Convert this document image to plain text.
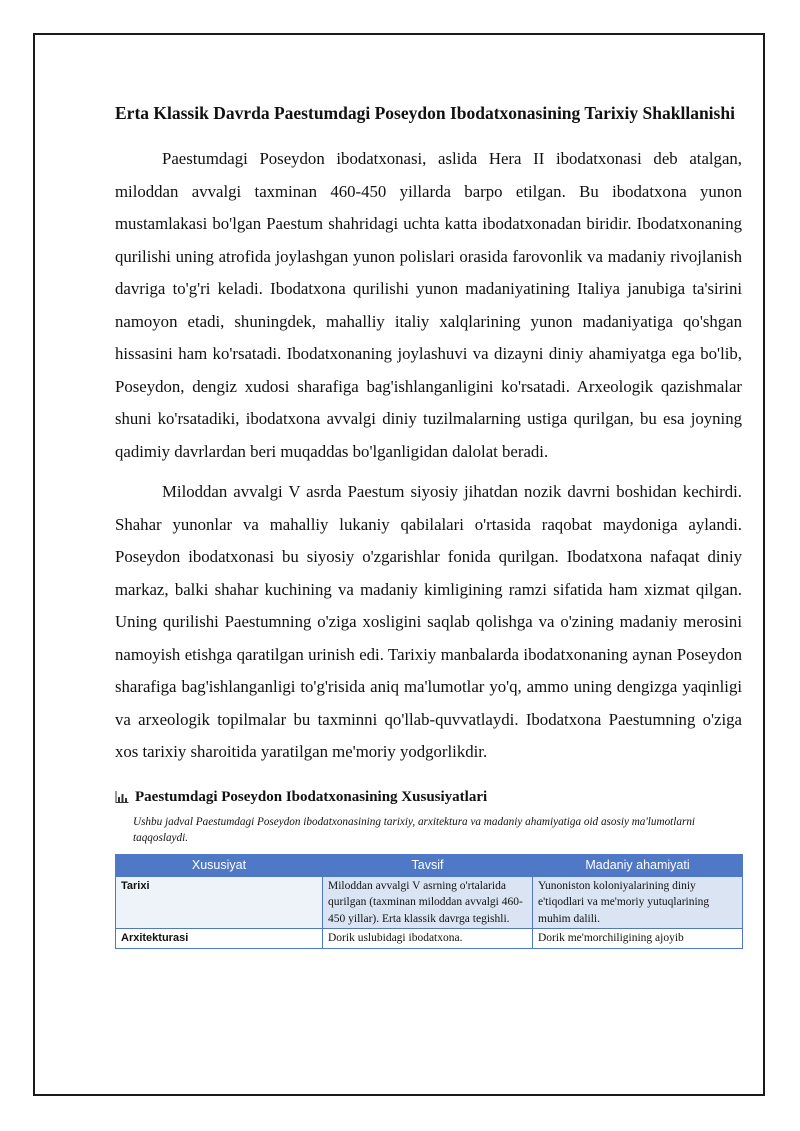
Erta Klassik Davrda Paestumdagi Poseydon Ibodatxonasining Tarixiy Shakllanishi

Paestumdagi Poseydon ibodatxonasi, aslida Hera II ibodatxonasi deb atalgan, miloddan avvalgi taxminan 460-450 yillarda barpo etilgan. Bu ibodatxona yunon mustamlakasi bo'lgan Paestum shahridagi uchta katta ibodatxonadan biridir. Ibodatxonaning qurilishi uning atrofida joylashgan yunon polislari orasida farovonlik va madaniy rivojlanish davriga to'g'ri keladi. Ibodatxona qurilishi yunon madaniyatining Italiya janubiga ta'sirini namoyon etadi, shuningdek, mahalliy italiy xalqlarining yunon madaniyatiga qo'shgan hissasini ham ko'rsatadi. Ibodatxonaning joylashuvi va dizayni diniy ahamiyatga ega bo'lib, Poseydon, dengiz xudosi sharafiga bag'ishlanganligini ko'rsatadi. Arxeologik qazishmalar shuni ko'rsatadiki, ibodatxona avvalgi diniy tuzilmalarning ustiga qurilgan, bu esa joyning qadimiy davrlardan beri muqaddas bo'lganligidan dalolat beradi.

Miloddan avvalgi V asrda Paestum siyosiy jihatdan nozik davrni boshidan kechirdi. Shahar yunonlar va mahalliy lukaniy qabilalari o'rtasida raqobat maydoniga aylandi. Poseydon ibodatxonasi bu siyosiy o'zgarishlar fonida qurilgan. Ibodatxona nafaqat diniy markaz, balki shahar kuchining va madaniy kimligining ramzi sifatida ham xizmat qilgan. Uning qurilishi Paestumning o'ziga xosligini saqlab qolishga va o'zining madaniy merosini namoyish etishga qaratilgan urinish edi. Tarixiy manbalarda ibodatxonaning aynan Poseydon sharafiga bag'ishlanganligi to'g'risida aniq ma'lumotlar yo'q, ammo uning dengizga yaqinligi va arxeologik topilmalar bu taxminni qo'llab-quvvatlaydi. Ibodatxona Paestumning o'ziga xos tarixiy sharoitida yaratilgan me'moriy yodgorlikdir.

Paestumdagi Poseydon Ibodatxonasining Xususiyatlari
Ushbu jadval Paestumdagi Poseydon ibodatxonasining tarixiy, arxitektura va madaniy ahamiyatiga oid asosiy ma'lumotlarni taqqoslaydi.
Xususiyat	Tavsif	Madaniy ahamiyati
Tarixi	Miloddan avvalgi V asrning o'rtalarida qurilgan (taxminan miloddan avvalgi 460-450 yillar). Erta klassik davrga tegishli.	Yunoniston koloniyalarining diniy e'tiqodlari va me'moriy yutuqlarining muhim dalili.
Arxitekturasi	Dorik uslubidagi ibodatxona.	Dorik me'morchiligining ajoyib
